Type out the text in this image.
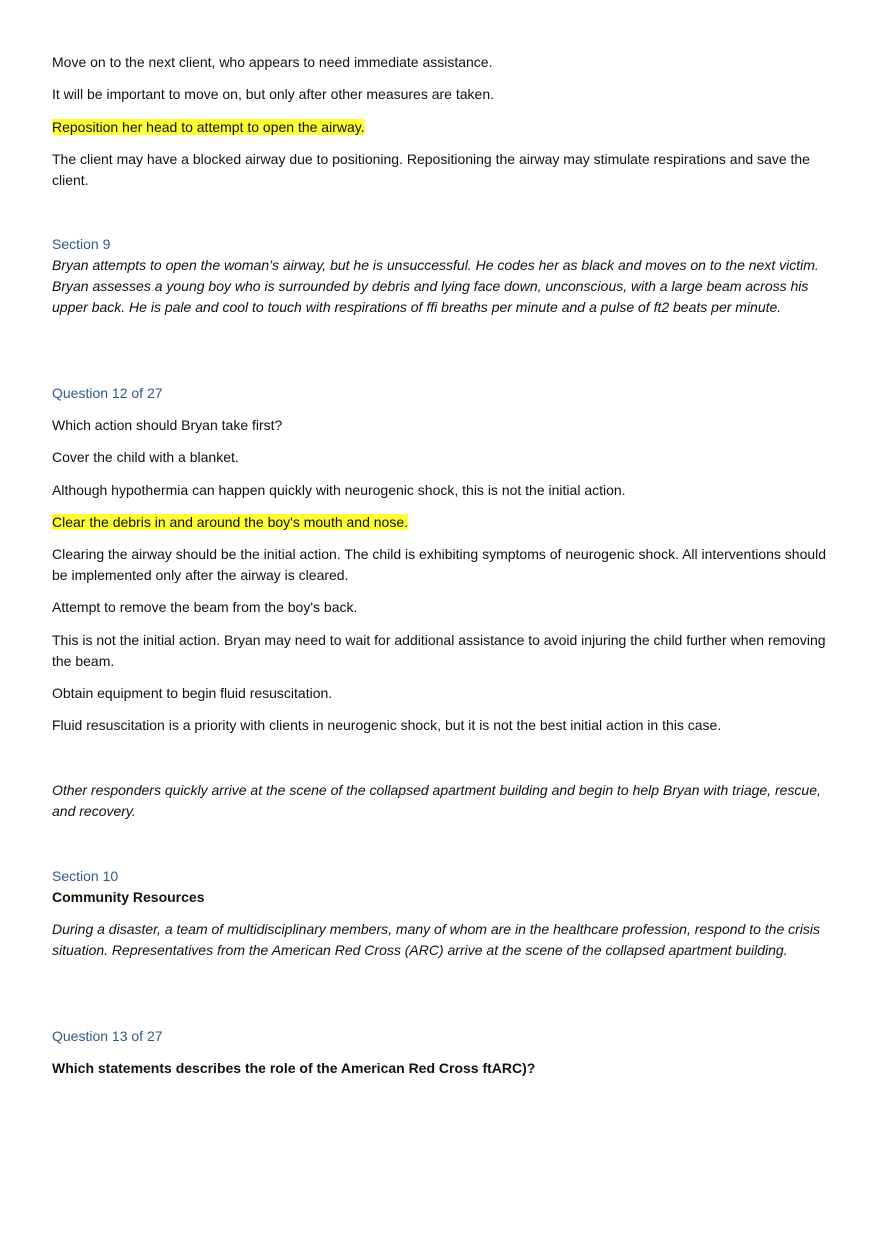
Move on to the next client, who appears to need immediate assistance.
It will be important to move on, but only after other measures are taken.
Reposition her head to attempt to open the airway.
The client may have a blocked airway due to positioning. Repositioning the airway may stimulate respirations and save the client.
Section 9
Bryan attempts to open the woman’s airway, but he is unsuccessful. He codes her as black and moves on to the next victim. Bryan assesses a young boy who is surrounded by debris and lying face down, unconscious, with a large beam across his upper back. He is pale and cool to touch with respirations of ffi breaths per minute and a pulse of ft2 beats per minute.
Question 12 of 27
Which action should Bryan take first?
Cover the child with a blanket.
Although hypothermia can happen quickly with neurogenic shock, this is not the initial action.
Clear the debris in and around the boy's mouth and nose.
Clearing the airway should be the initial action. The child is exhibiting symptoms of neurogenic shock. All interventions should be implemented only after the airway is cleared.
Attempt to remove the beam from the boy's back.
This is not the initial action. Bryan may need to wait for additional assistance to avoid injuring the child further when removing the beam.
Obtain equipment to begin fluid resuscitation.
Fluid resuscitation is a priority with clients in neurogenic shock, but it is not the best initial action in this case.
Other responders quickly arrive at the scene of the collapsed apartment building and begin to help Bryan with triage, rescue, and recovery.
Section 10
Community Resources
During a disaster, a team of multidisciplinary members, many of whom are in the healthcare profession, respond to the crisis situation. Representatives from the American Red Cross (ARC) arrive at the scene of the collapsed apartment building.
Question 13 of 27
Which statements describes the role of the American Red Cross ftARC)?
